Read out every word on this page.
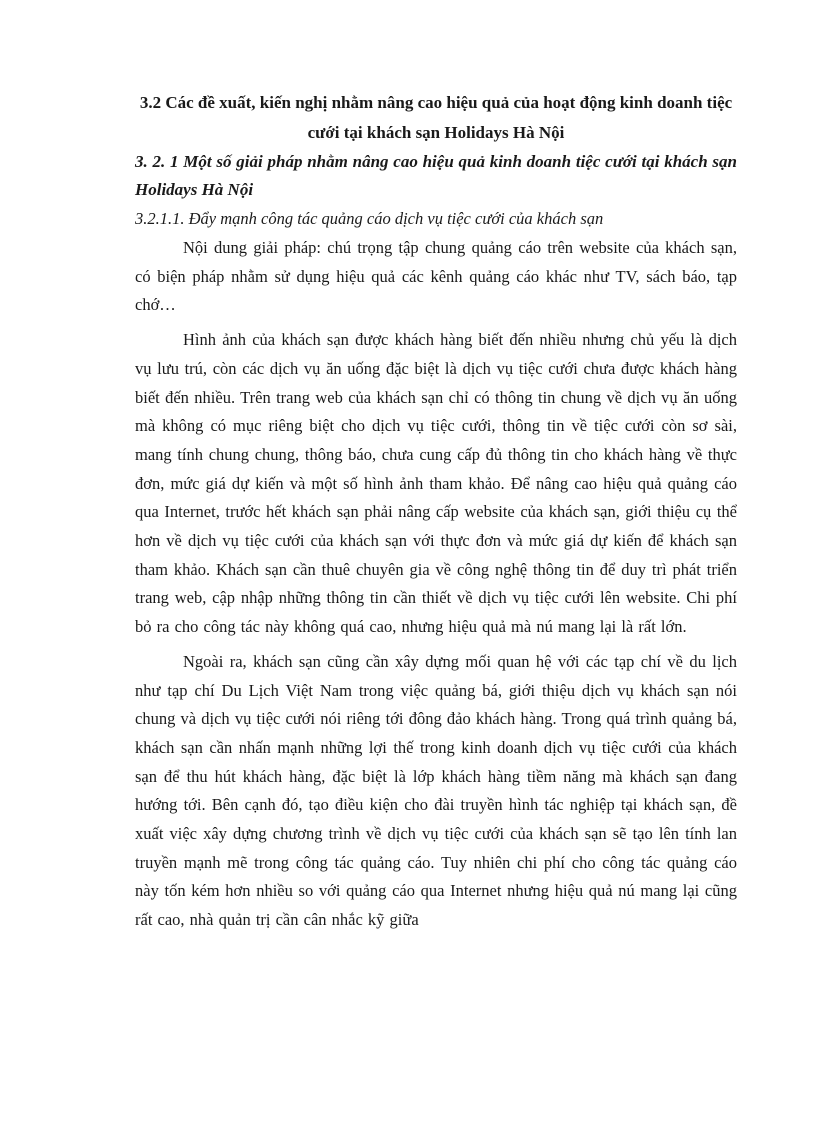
3.2 Các đề xuất, kiến nghị nhằm nâng cao hiệu quả của hoạt động kinh doanh tiệc cưới tại khách sạn Holidays Hà Nội

3. 2. 1 Một số giải pháp nhằm nâng cao hiệu quả kinh doanh tiệc cưới tại khách sạn Holidays Hà Nội

3.2.1.1. Đẩy mạnh công tác quảng cáo dịch vụ tiệc cưới của khách sạn

Nội dung giải pháp: chú trọng tập chung quảng cáo trên website của khách sạn, có biện pháp nhằm sử dụng hiệu quả các kênh quảng cáo khác như TV, sách báo, tạp chớ…

Hình ảnh của khách sạn được khách hàng biết đến nhiều nhưng chủ yếu là dịch vụ lưu trú, còn các dịch vụ ăn uống đặc biệt là dịch vụ tiệc cưới chưa được khách hàng biết đến nhiều. Trên trang web của khách sạn chỉ có thông tin chung về dịch vụ ăn uống mà không có mục riêng biệt cho dịch vụ tiệc cưới, thông tin về tiệc cưới còn sơ sài, mang tính chung chung, thông báo, chưa cung cấp đủ thông tin cho khách hàng về thực đơn, mức giá dự kiến và một số hình ảnh tham khảo. Để nâng cao hiệu quả quảng cáo qua Internet, trước hết khách sạn phải nâng cấp website của khách sạn, giới thiệu cụ thể hơn về dịch vụ tiệc cưới của khách sạn với thực đơn và mức giá dự kiến để khách sạn tham khảo. Khách sạn cần thuê chuyên gia về công nghệ thông tin để duy trì phát triển trang web, cập nhập những thông tin cần thiết về dịch vụ tiệc cưới lên website. Chi phí bỏ ra cho công tác này không quá cao, nhưng hiệu quả mà nú mang lại là rất lớn.

Ngoài ra, khách sạn cũng cần xây dựng mối quan hệ với các tạp chí về du lịch như tạp chí Du Lịch Việt Nam trong việc quảng bá, giới thiệu dịch vụ khách sạn nói chung và dịch vụ tiệc cưới nói riêng tới đông đảo khách hàng. Trong quá trình quảng bá, khách sạn cần nhấn mạnh những lợi thế trong kinh doanh dịch vụ tiệc cưới của khách sạn để thu hút khách hàng, đặc biệt là lớp khách hàng tiềm năng mà khách sạn đang hướng tới. Bên cạnh đó, tạo điều kiện cho đài truyền hình tác nghiệp tại khách sạn, đề xuất việc xây dựng chương trình về dịch vụ tiệc cưới của khách sạn sẽ tạo lên tính lan truyền mạnh mẽ trong công tác quảng cáo. Tuy nhiên chi phí cho công tác quảng cáo này tốn kém hơn nhiều so với quảng cáo qua Internet nhưng hiệu quả nú mang lại cũng rất cao, nhà quản trị cần cân nhắc kỹ giữa
